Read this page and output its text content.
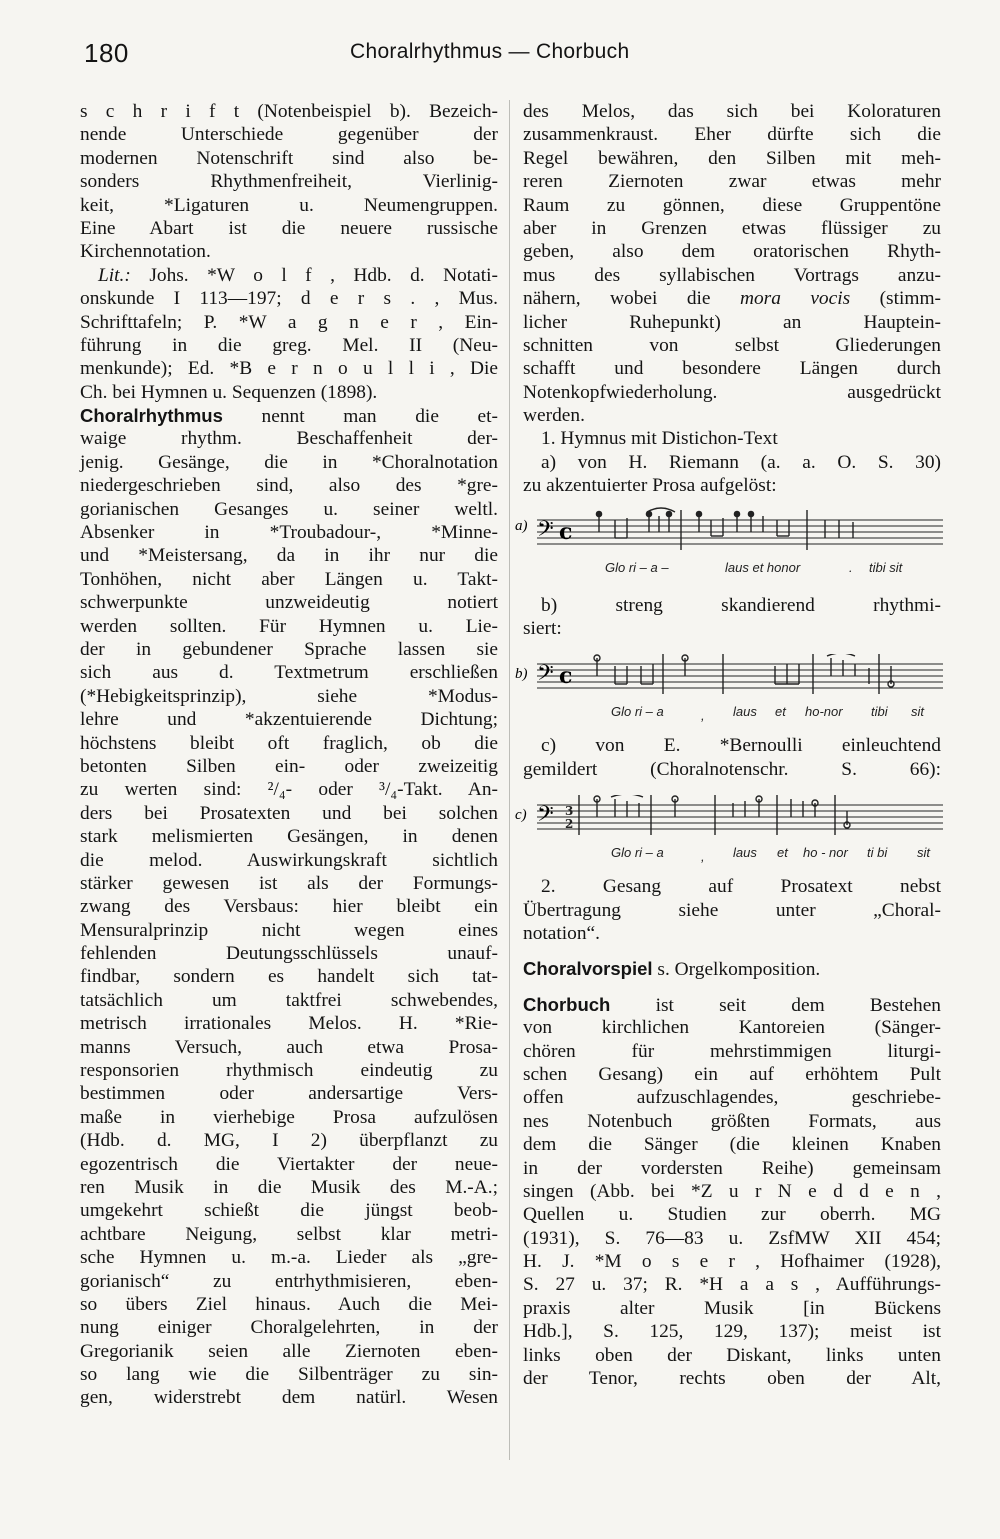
180	Choralrhythmus — Chorbuch
s c h r i f t (Notenbeispiel b). Bezeich-
nende Unterschiede gegenüber der
modernen Notenschrift sind also be-
sonders Rhythmenfreiheit, Vierlinig-
keit, *Ligaturen u. Neumengruppen.
Eine Abart ist die neuere russische
Kirchennotation.
Lit.: Johs. *W o l f , Hdb. d. Notati-
onskunde I 113—197; d e r s . , Mus.
Schrifttafeln; P. *W a g n e r , Ein-
führung in die greg. Mel. II (Neu-
menkunde); Ed. *B e r n o u l l i , Die
Ch. bei Hymnen u. Sequenzen (1898).
Choralrhythmus nennt man die et-
waige rhythm. Beschaffenheit der-
jenig. Gesänge, die in *Choralnotation
niedergeschrieben sind, also des *gre-
gorianischen Gesanges u. seiner weltl.
Absenker in *Troubadour-, *Minne-
und *Meistersang, da in ihr nur die
Tonhöhen, nicht aber Längen u. Takt-
schwerpunkte unzweideutig notiert
werden sollten. Für Hymnen u. Lie-
der in gebundener Sprache lassen sie
sich aus d. Textmetrum erschließen
(*Hebigkeitsprinzip), siehe *Modus-
lehre und *akzentuierende Dichtung;
höchstens bleibt oft fraglich, ob die
betonten Silben ein- oder zweizeitig
zu werten sind: ²/₄- oder ³/₄-Takt. An-
ders bei Prosatexten und bei solchen
stark melismierten Gesängen, in denen
die melod. Auswirkungskraft sichtlich
stärker gewesen ist als der Formungs-
zwang des Versbaus: hier bleibt ein
Mensuralprinzip nicht wegen eines
fehlenden Deutungsschlüssels unauf-
findbar, sondern es handelt sich tat-
tatsächlich um taktfrei schwebendes,
metrisch irrationales Melos. H. *Rie-
manns Versuch, auch etwa Prosa-
responsorien rhythmisch eindeutig zu
bestimmen oder andersartige Vers-
maße in vierhebige Prosa aufzulösen
(Hdb. d. MG, I 2) überpflanzt zu
egozentrisch die Viertakter der neue-
ren Musik in die Musik des M.-A.;
umgekehrt schießt die jüngst beob-
achtbare Neigung, selbst klar metri-
sche Hymnen u. m.-a. Lieder als „gre-
gorianisch“ zu entrhythmisieren, eben-
so übers Ziel hinaus. Auch die Mei-
nung einiger Choralgelehrten, in der
Gregorianik seien alle Ziernoten eben-
so lang wie die Silbenträger zu sin-
gen, widerstrebt dem natürl. Wesen
des Melos, das sich bei Koloraturen
zusammenkraust. Eher dürfte sich die
Regel bewähren, den Silben mit meh-
reren Ziernoten zwar etwas mehr
Raum zu gönnen, diese Gruppentöne
aber in Grenzen etwas flüssiger zu
geben, also dem oratorischen Rhyth-
mus des syllabischen Vortrags anzu-
nähern, wobei die mora vocis (stimm-
licher Ruhepunkt) an Hauptein-
schnitten von selbst Gliederungen
schafft und besondere Längen durch
Notenkopfwiederholung. ausgedrückt
werden.
1. Hymnus mit Distichon-Text
a) von H. Riemann (a. a. O. S. 30)
zu akzentuierter Prosa aufgelöst:
a) 𝄢 c
Glo ri – a –	laus et honor	. tibi sit
b) streng skandierend rhythmi-
siert:
b) 𝄢 c
Glo ri – a	, laus et ho-nor tibi sit
c) von E. *Bernoulli einleuchtend
gemildert (Choralnotenschr. S. 66):
c) 𝄢 3
2
Glo ri – a	, laus et ho - nor ti bi sit
2. Gesang auf Prosatext nebst
Übertragung siehe unter „Choral-
notation“.
Choralvorspiel s. Orgelkomposition.
Chorbuch ist seit dem Bestehen
von kirchlichen Kantoreien (Sänger-
chören für mehrstimmigen liturgi-
schen Gesang) ein auf erhöhtem Pult
offen aufzuschlagendes, geschriebe-
nes Notenbuch größten Formats, aus
dem die Sänger (die kleinen Knaben
in der vordersten Reihe) gemeinsam
singen (Abb. bei *Z u r N e d d e n ,
Quellen u. Studien zur oberrh. MG
(1931), S. 76—83 u. ZsfMW XII 454;
H. J. *M o s e r , Hofhaimer (1928),
S. 27 u. 37; R. *H a a s , Aufführungs-
praxis alter Musik [in Bückens
Hdb.], S. 125, 129, 137); meist ist
links oben der Diskant, links unten
der Tenor, rechts oben der Alt,
